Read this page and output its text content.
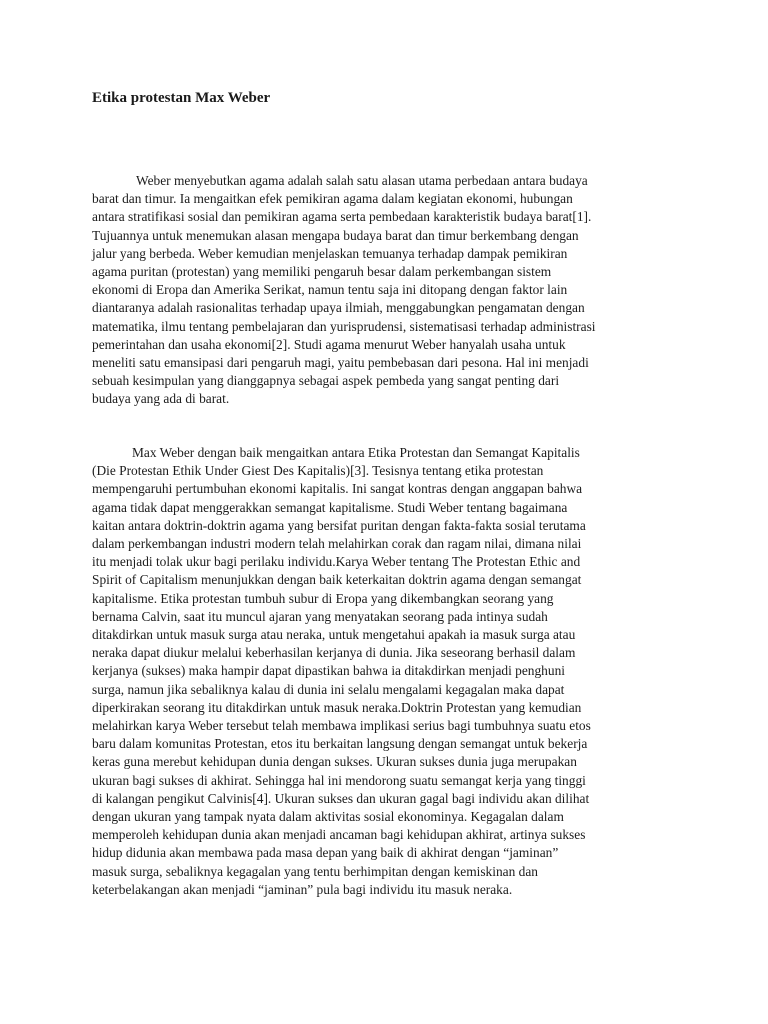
Etika protestan Max Weber
Weber menyebutkan agama adalah salah satu alasan utama perbedaan antara budaya
barat dan timur. Ia mengaitkan efek pemikiran agama dalam kegiatan ekonomi, hubungan
antara stratifikasi sosial dan pemikiran agama serta pembedaan karakteristik budaya barat[1].
Tujuannya untuk menemukan alasan mengapa budaya barat dan timur berkembang dengan
jalur yang berbeda. Weber kemudian menjelaskan temuanya terhadap dampak pemikiran
agama puritan (protestan) yang memiliki pengaruh besar dalam perkembangan sistem
ekonomi di Eropa dan Amerika Serikat, namun tentu saja ini ditopang dengan faktor lain
diantaranya adalah rasionalitas terhadap upaya ilmiah, menggabungkan pengamatan dengan
matematika, ilmu tentang pembelajaran dan yurisprudensi, sistematisasi terhadap administrasi
pemerintahan dan usaha ekonomi[2]. Studi agama menurut Weber hanyalah usaha untuk
meneliti satu emansipasi dari pengaruh magi, yaitu pembebasan dari pesona. Hal ini menjadi
sebuah kesimpulan yang dianggapnya sebagai aspek pembeda yang sangat penting dari
budaya yang ada di barat.
Max Weber dengan baik mengaitkan antara Etika Protestan dan Semangat Kapitalis
(Die Protestan Ethik Under Giest Des Kapitalis)[3]. Tesisnya tentang etika protestan
mempengaruhi pertumbuhan ekonomi kapitalis. Ini sangat kontras dengan anggapan bahwa
agama tidak dapat menggerakkan semangat kapitalisme. Studi Weber tentang bagaimana
kaitan antara doktrin-doktrin agama yang bersifat puritan dengan fakta-fakta sosial terutama
dalam perkembangan industri modern telah melahirkan corak dan ragam nilai, dimana nilai
itu menjadi tolak ukur bagi perilaku individu.Karya Weber tentang The Protestan Ethic and
Spirit of Capitalism menunjukkan dengan baik keterkaitan doktrin agama dengan semangat
kapitalisme. Etika protestan tumbuh subur di Eropa yang dikembangkan seorang yang
bernama Calvin, saat itu muncul ajaran yang menyatakan seorang pada intinya sudah
ditakdirkan untuk masuk surga atau neraka, untuk mengetahui apakah ia masuk surga atau
neraka dapat diukur melalui keberhasilan kerjanya di dunia. Jika seseorang berhasil dalam
kerjanya (sukses) maka hampir dapat dipastikan bahwa ia ditakdirkan menjadi penghuni
surga, namun jika sebaliknya kalau di dunia ini selalu mengalami kegagalan maka dapat
diperkirakan seorang itu ditakdirkan untuk masuk neraka.Doktrin Protestan yang kemudian
melahirkan karya Weber tersebut telah membawa implikasi serius bagi tumbuhnya suatu etos
baru dalam komunitas Protestan, etos itu berkaitan langsung dengan semangat untuk bekerja
keras guna merebut kehidupan dunia dengan sukses. Ukuran sukses dunia juga merupakan
ukuran bagi sukses di akhirat. Sehingga hal ini mendorong suatu semangat kerja yang tinggi
di kalangan pengikut Calvinis[4]. Ukuran sukses dan ukuran gagal bagi individu akan dilihat
dengan ukuran yang tampak nyata dalam aktivitas sosial ekonominya. Kegagalan dalam
memperoleh kehidupan dunia akan menjadi ancaman bagi kehidupan akhirat, artinya sukses
hidup didunia akan membawa pada masa depan yang baik di akhirat dengan “jaminan”
masuk surga, sebaliknya kegagalan yang tentu berhimpitan dengan kemiskinan dan
keterbelakangan akan menjadi “jaminan” pula bagi individu itu masuk neraka.
